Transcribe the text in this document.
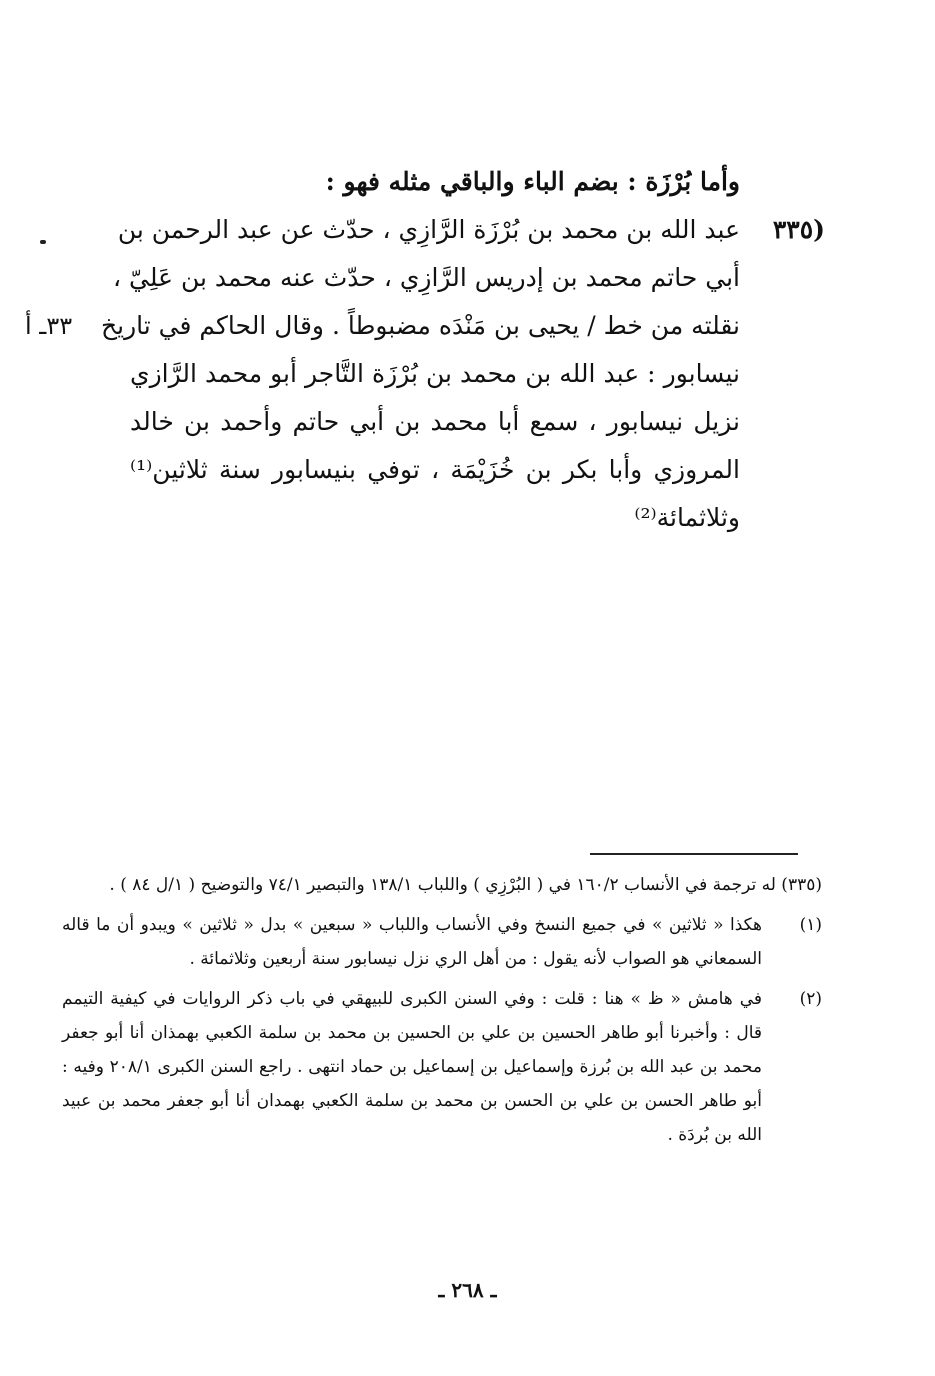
وأما بُرْزَة : بضم الباء والباقي مثله فهو :
(٣٣٥
عبد الله بن محمد بن بُرْزَة الرَّازِي ، حدّث عن عبد الرحمن بن
أبي حاتم محمد بن إدريس الرَّازِي ، حدّث عنه محمد بن عَلِيّ ،
نقلته من خط / يحيى بن مَنْدَه مضبوطاً . وقال الحاكم في تاريخ
٣٣ـ أ
نيسابور : عبد الله بن محمد بن بُرْزَة التَّاجر أبو محمد الرَّازي
نزيل نيسابور ، سمع أبا محمد بن أبي حاتم وأحمد بن خالد
المروزي وأبا بكر بن خُزَيْمَة ، توفي بنيسابور سنة ثلاثين⁽¹⁾
وثلاثمائة⁽²⁾
(٣٣٥) له ترجمة في الأنساب ١٦٠/٢ في ( البُرْزِي ) واللباب ١٣٨/١ والتبصير ٧٤/١ والتوضيح ( ١/ل ٨٤ ) .
(١)
هكذا « ثلاثين » في جميع النسخ وفي الأنساب واللباب « سبعين » بدل « ثلاثين » ويبدو أن ما قاله السمعاني هو الصواب لأنه يقول : من أهل الري نزل نيسابور سنة أربعين وثلاثمائة .
(٢)
في هامش « ظ » هنا : قلت : وفي السنن الكبرى للبيهقي في باب ذكر الروايات في كيفية التيمم قال : وأخبرنا أبو طاهر الحسين بن علي بن الحسين بن محمد بن سلمة الكعبي بهمذان أنا أبو جعفر محمد بن عبد الله بن بُرزة وإسماعيل بن إسماعيل بن حماد انتهى . راجع السنن الكبرى ٢٠٨/١ وفيه : أبو طاهر الحسن بن علي بن الحسن بن محمد بن سلمة الكعبي بهمدان أنا أبو جعفر محمد بن عبيد الله بن بُردَة .
ـ ٢٦٨ ـ
